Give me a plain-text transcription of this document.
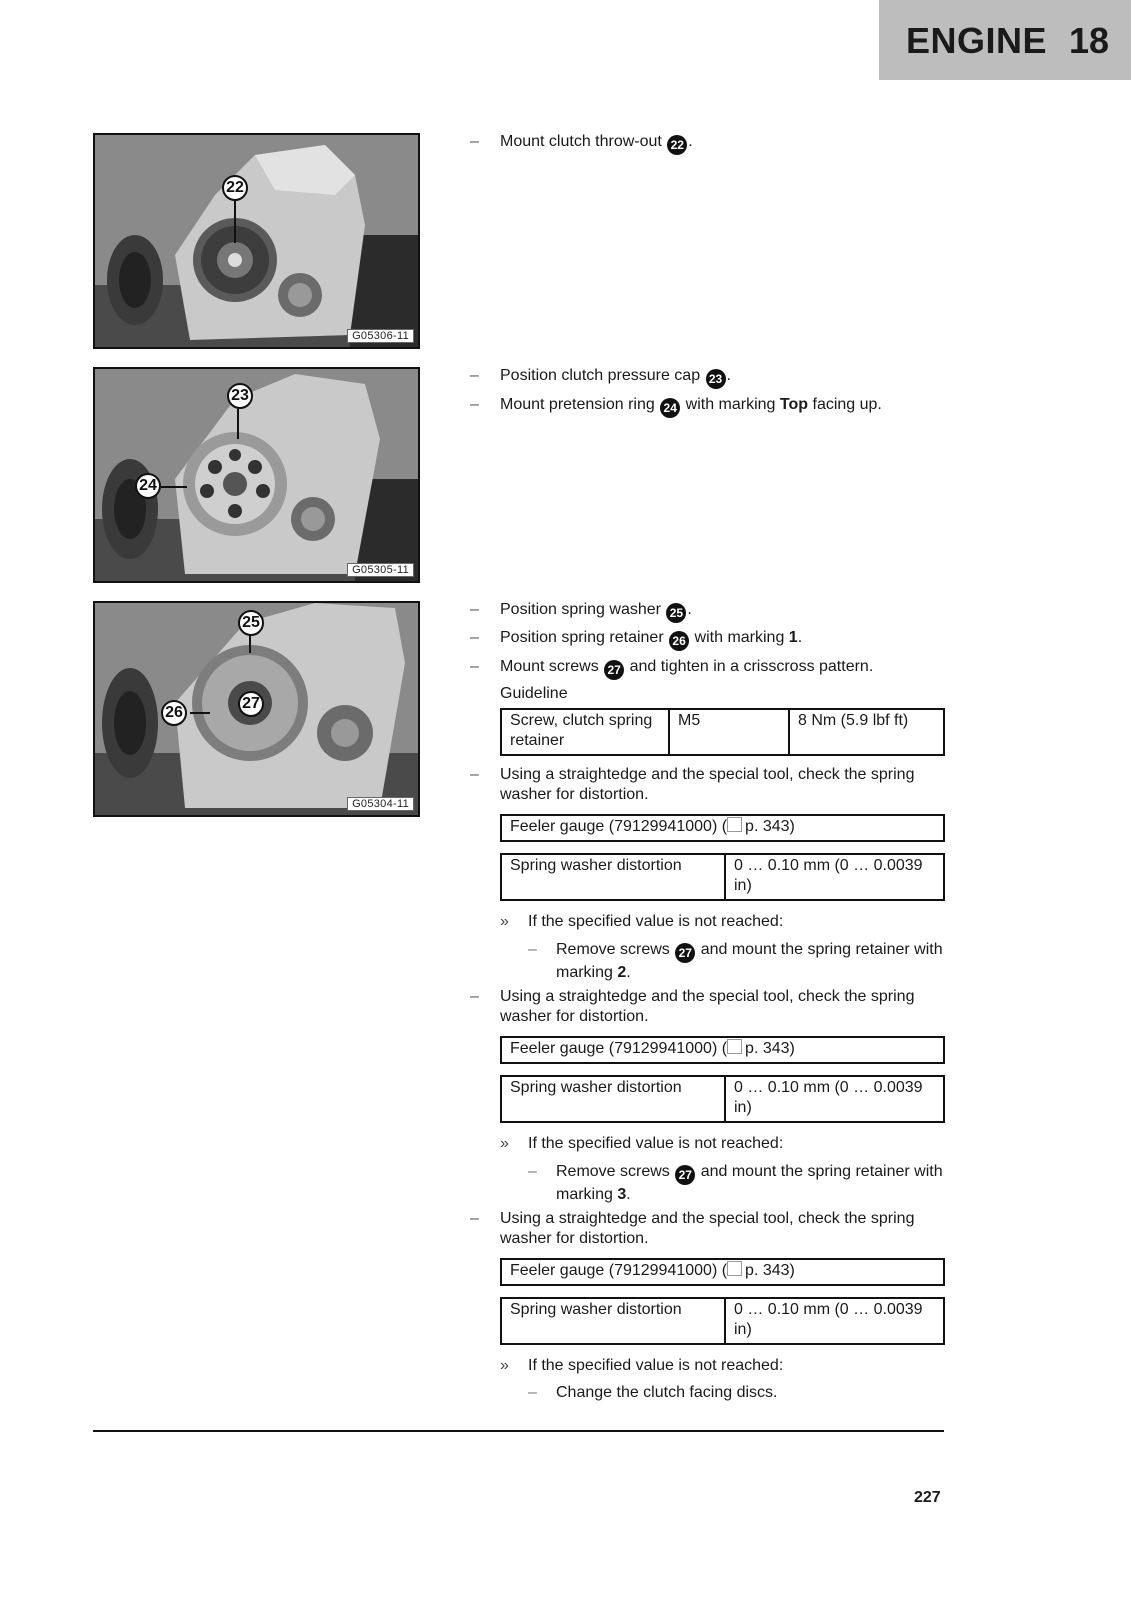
ENGINE 18
22
G05306-11
23
24
G05305-11
25
26
27
G05304-11
– Mount clutch throw-out 22 .
– Position clutch pressure cap 23 .
– Mount pretension ring 24 with marking Top facing up.
– Position spring washer 25 .
– Position spring retainer 26 with marking 1.
– Mount screws 27 and tighten in a crisscross pattern.
Guideline
Screw, clutch spring retainer	M5	8 Nm (5.9 lbf ft)
– Using a straightedge and the special tool, check the spring washer for distortion.
Feeler gauge (79129941000) ( p. 343)
Spring washer distortion	0 … 0.10 mm (0 … 0.0039 in)
» If the specified value is not reached:
– Remove screws 27 and mount the spring retainer with marking 2.
– Using a straightedge and the special tool, check the spring washer for distortion.
Feeler gauge (79129941000) ( p. 343)
Spring washer distortion	0 … 0.10 mm (0 … 0.0039 in)
» If the specified value is not reached:
– Remove screws 27 and mount the spring retainer with marking 3.
– Using a straightedge and the special tool, check the spring washer for distortion.
Feeler gauge (79129941000) ( p. 343)
Spring washer distortion	0 … 0.10 mm (0 … 0.0039 in)
» If the specified value is not reached:
– Change the clutch facing discs.
227
